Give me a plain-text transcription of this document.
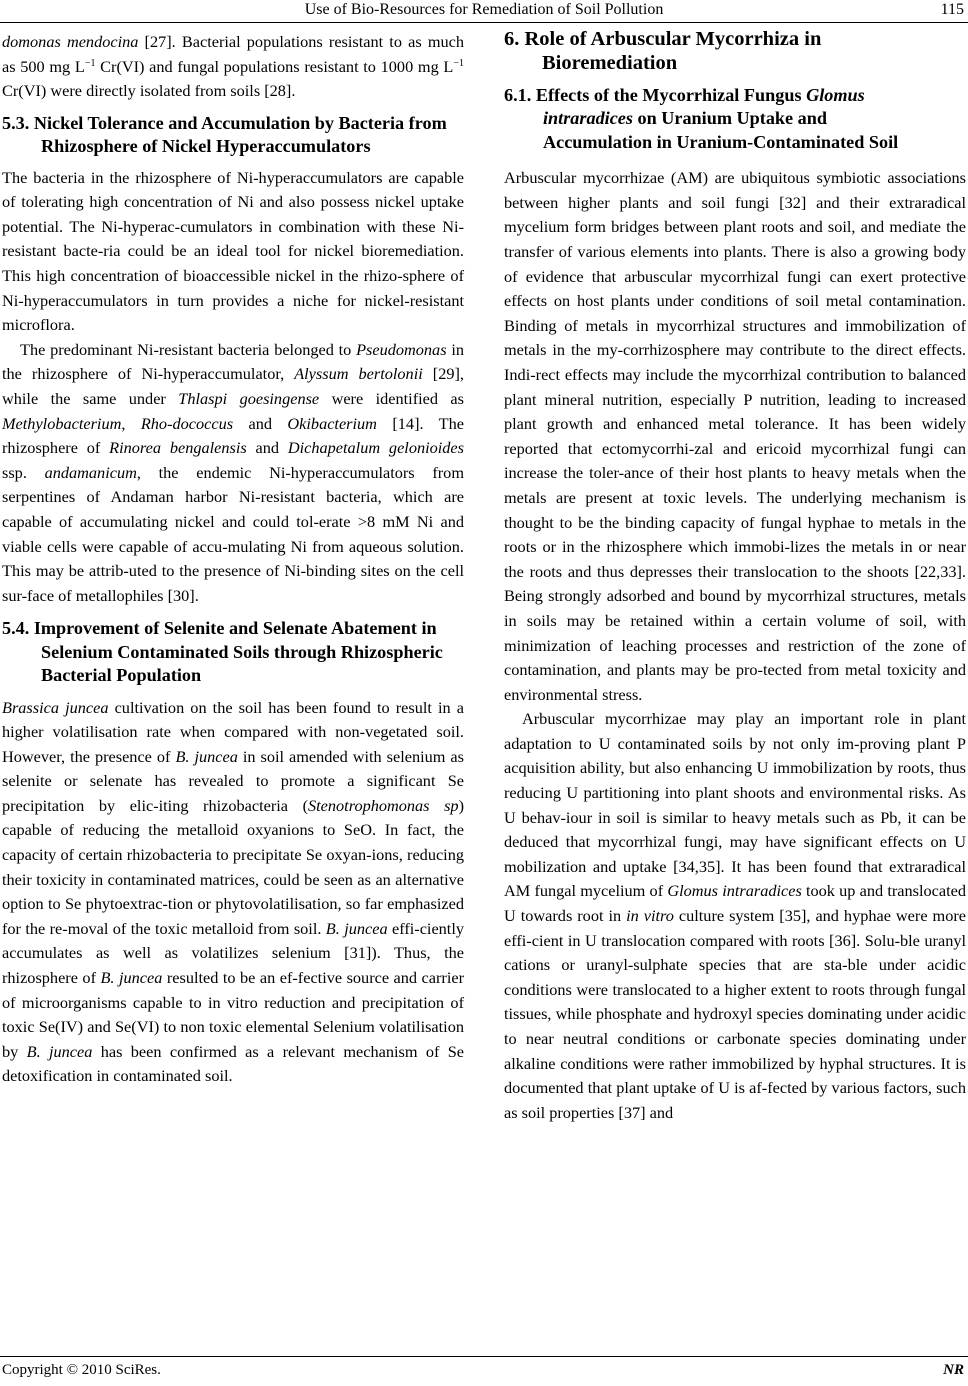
Use of Bio-Resources for Remediation of Soil Pollution	115

domonas mendocina [27]. Bacterial populations resistant to as much as 500 mg $L^{-1}$ Cr(VI) and fungal populations resistant to 1000 mg $L^{-1}$ Cr(VI) were directly isolated from soils [28].

5.3. Nickel Tolerance and Accumulation by Bacteria from Rhizosphere of Nickel Hyperaccumulators

The bacteria in the rhizosphere of Ni-hyperaccumulators are capable of tolerating high concentration of Ni and also possess nickel uptake potential. The Ni-hyperac-cumulators in combination with these Ni-resistant bacte-ria could be an ideal tool for nickel bioremediation. This high concentration of bioaccessible nickel in the rhizo-sphere of Ni-hyperaccumulators in turn provides a niche for nickel-resistant microflora.

The predominant Ni-resistant bacteria belonged to Pseudomonas in the rhizosphere of Ni-hyperaccumulator, Alyssum bertolonii [29], while the same under Thlaspi goesingense were identified as Methylobacterium, Rho-dococcus and Okibacterium [14]. The rhizosphere of Rinorea bengalensis and Dichapetalum gelonioides ssp. andamanicum, the endemic Ni-hyperaccumulators from serpentines of Andaman harbor Ni-resistant bacteria, which are capable of accumulating nickel and could tol-erate >8 mM Ni and viable cells were capable of accu-mulating Ni from aqueous solution. This may be attrib-uted to the presence of Ni-binding sites on the cell sur-face of metallophiles [30].

5.4. Improvement of Selenite and Selenate Abatement in Selenium Contaminated Soils through Rhizospheric Bacterial Population

Brassica juncea cultivation on the soil has been found to result in a higher volatilisation rate when compared with non-vegetated soil. However, the presence of B. juncea in soil amended with selenium as selenite or selenate has revealed to promote a significant Se precipitation by elic-iting rhizobacteria (Stenotrophomonas sp) capable of reducing the metalloid oxyanions to SeO. In fact, the capacity of certain rhizobacteria to precipitate Se oxyan-ions, reducing their toxicity in contaminated matrices, could be seen as an alternative option to Se phytoextrac-tion or phytovolatilisation, so far emphasized for the re-moval of the toxic metalloid from soil. B. juncea effi-ciently accumulates as well as volatilizes selenium [31]). Thus, the rhizosphere of B. juncea resulted to be an ef-fective source and carrier of microorganisms capable to in vitro reduction and precipitation of toxic Se(IV) and Se(VI) to non toxic elemental Selenium volatilisation by B. juncea has been confirmed as a relevant mechanism of Se detoxification in contaminated soil.

6. Role of Arbuscular Mycorrhiza in Bioremediation
6.1. Effects of the Mycorrhizal Fungus Glomus intraradices on Uranium Uptake and Accumulation in Uranium-Contaminated Soil

Arbuscular mycorrhizae (AM) are ubiquitous symbiotic associations between higher plants and soil fungi [32] and their extraradical mycelium form bridges between plant roots and soil, and mediate the transfer of various elements into plants. There is also a growing body of evidence that arbuscular mycorrhizal fungi can exert protective effects on host plants under conditions of soil metal contamination. Binding of metals in mycorrhizal structures and immobilization of metals in the my-corrhizosphere may contribute to the direct effects. Indi-rect effects may include the mycorrhizal contribution to balanced plant mineral nutrition, especially P nutrition, leading to increased plant growth and enhanced metal tolerance. It has been widely reported that ectomycorrhi-zal and ericoid mycorrhizal fungi can increase the toler-ance of their host plants to heavy metals when the metals are present at toxic levels. The underlying mechanism is thought to be the binding capacity of fungal hyphae to metals in the roots or in the rhizosphere which immobi-lizes the metals in or near the roots and thus depresses their translocation to the shoots [22,33]. Being strongly adsorbed and bound by mycorrhizal structures, metals in soils may be retained within a certain volume of soil, with minimization of leaching processes and restriction of the zone of contamination, and plants may be pro-tected from metal toxicity and environmental stress.

Arbuscular mycorrhizae may play an important role in plant adaptation to U contaminated soils by not only im-proving plant P acquisition ability, but also enhancing U immobilization by roots, thus reducing U partitioning into plant shoots and environmental risks. As U behav-iour in soil is similar to heavy metals such as Pb, it can be deduced that mycorrhizal fungi, may have significant effects on U mobilization and uptake [34,35]. It has been found that extraradical AM fungal mycelium of Glomus intraradices took up and translocated U towards root in in vitro culture system [35], and hyphae were more effi-cient in U translocation compared with roots [36]. Solu-ble uranyl cations or uranyl-sulphate species that are sta-ble under acidic conditions were translocated to a higher extent to roots through fungal tissues, while phosphate and hydroxyl species dominating under acidic to near neutral conditions or carbonate species dominating under alkaline conditions were rather immobilized by hyphal structures. It is documented that plant uptake of U is af-fected by various factors, such as soil properties [37] and

Copyright © 2010 SciRes.	NR
